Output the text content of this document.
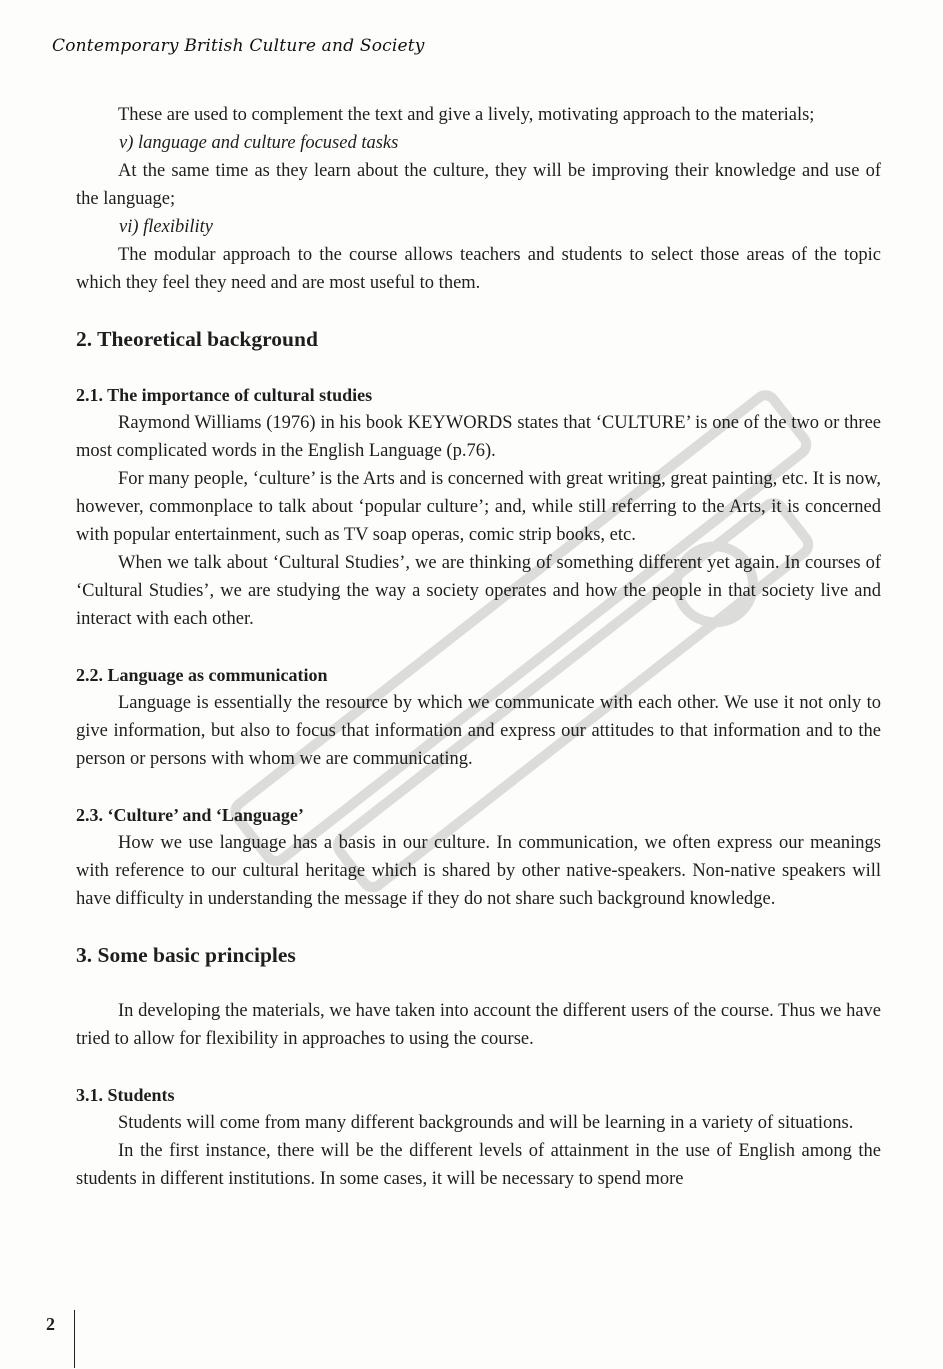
Contemporary British Culture and Society

These are used to complement the text and give a lively, motivating approach to the materials;

v) language and culture focused tasks

At the same time as they learn about the culture, they will be improving their knowledge and use of the language;

vi) flexibility

The modular approach to the course allows teachers and students to select those areas of the topic which they feel they need and are most useful to them.

2. Theoretical background
2.1. The importance of cultural studies

Raymond Williams (1976) in his book KEYWORDS states that ‘CULTURE’ is one of the two or three most complicated words in the English Language (p.76).

For many people, ‘culture’ is the Arts and is concerned with great writing, great painting, etc. It is now, however, commonplace to talk about ‘popular culture’; and, while still referring to the Arts, it is concerned with popular entertainment, such as TV soap operas, comic strip books, etc.

When we talk about ‘Cultural Studies’, we are thinking of something different yet again. In courses of ‘Cultural Studies’, we are studying the way a society operates and how the people in that society live and interact with each other.

2.2. Language as communication

Language is essentially the resource by which we communicate with each other. We use it not only to give information, but also to focus that information and express our attitudes to that information and to the person or persons with whom we are communicating.

2.3. ‘Culture’ and ‘Language’

How we use language has a basis in our culture. In communication, we often express our meanings with reference to our cultural heritage which is shared by other native-speakers. Non-native speakers will have difficulty in understanding the message if they do not share such background knowledge.

3. Some basic principles

In developing the materials, we have taken into account the different users of the course. Thus we have tried to allow for flexibility in approaches to using the course.

3.1. Students

Students will come from many different backgrounds and will be learning in a variety of situations.

In the first instance, there will be the different levels of attainment in the use of English among the students in different institutions. In some cases, it will be necessary to spend more

2
